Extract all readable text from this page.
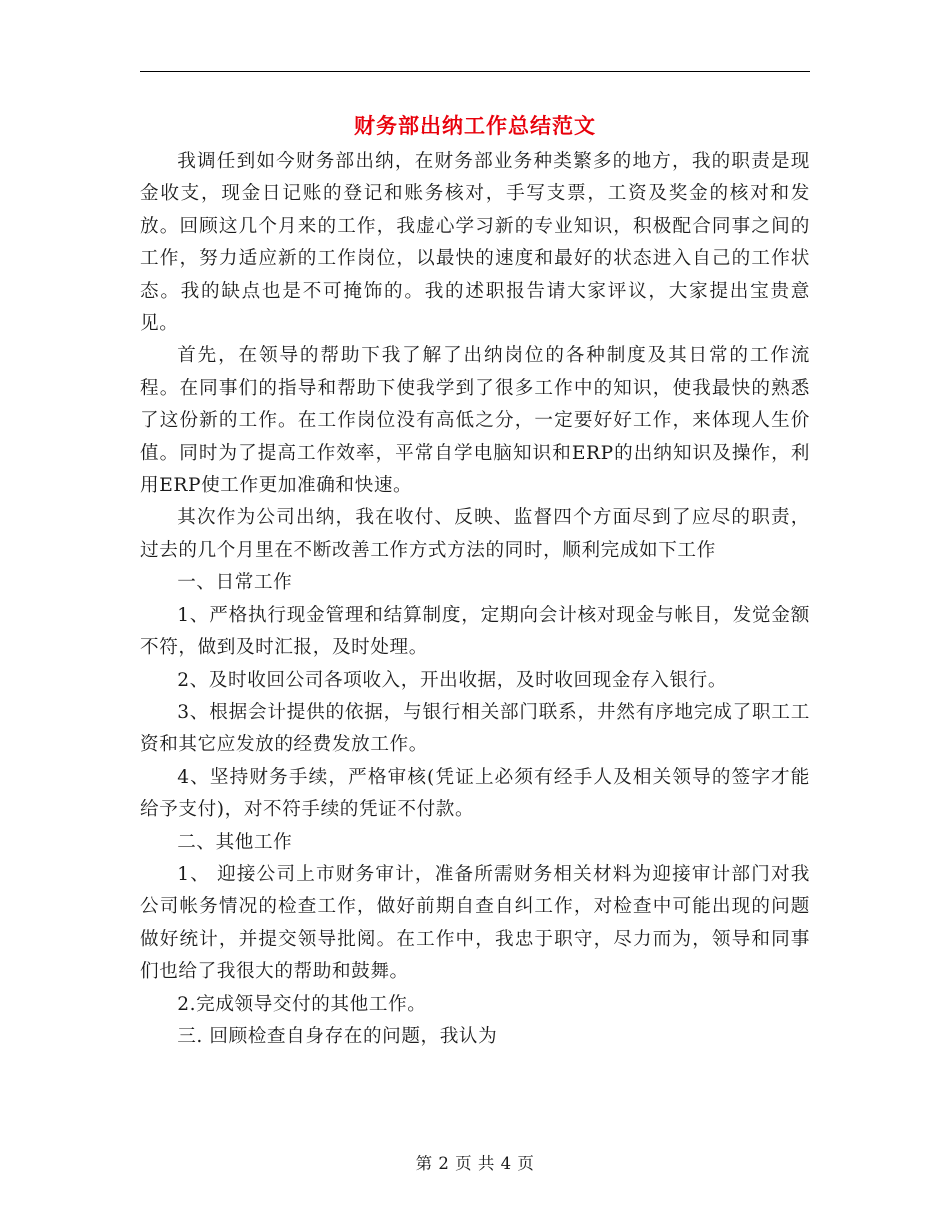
财务部出纳工作总结范文

我调任到如今财务部出纳，在财务部业务种类繁多的地方，我的职责是现金收支，现金日记账的登记和账务核对，手写支票，工资及奖金的核对和发放。回顾这几个月来的工作，我虚心学习新的专业知识，积极配合同事之间的工作，努力适应新的工作岗位，以最快的速度和最好的状态进入自己的工作状态。我的缺点也是不可掩饰的。我的述职报告请大家评议，大家提出宝贵意见。

首先，在领导的帮助下我了解了出纳岗位的各种制度及其日常的工作流程。在同事们的指导和帮助下使我学到了很多工作中的知识，使我最快的熟悉了这份新的工作。在工作岗位没有高低之分，一定要好好工作，来体现人生价值。同时为了提高工作效率，平常自学电脑知识和ERP的出纳知识及操作，利用ERP使工作更加准确和快速。

其次作为公司出纳，我在收付、反映、监督四个方面尽到了应尽的职责，过去的几个月里在不断改善工作方式方法的同时，顺利完成如下工作

一、日常工作

1、严格执行现金管理和结算制度，定期向会计核对现金与帐目，发觉金额不符，做到及时汇报，及时处理。

2、及时收回公司各项收入，开出收据，及时收回现金存入银行。

3、根据会计提供的依据，与银行相关部门联系，井然有序地完成了职工工资和其它应发放的经费发放工作。

4、坚持财务手续，严格审核(凭证上必须有经手人及相关领导的签字才能给予支付)，对不符手续的凭证不付款。

二、其他工作

1、 迎接公司上市财务审计，准备所需财务相关材料为迎接审计部门对我公司帐务情况的检查工作，做好前期自查自纠工作，对检查中可能出现的问题做好统计，并提交领导批阅。在工作中，我忠于职守，尽力而为，领导和同事们也给了我很大的帮助和鼓舞。

2.完成领导交付的其他工作。

三. 回顾检查自身存在的问题，我认为

第 2 页 共 4 页
